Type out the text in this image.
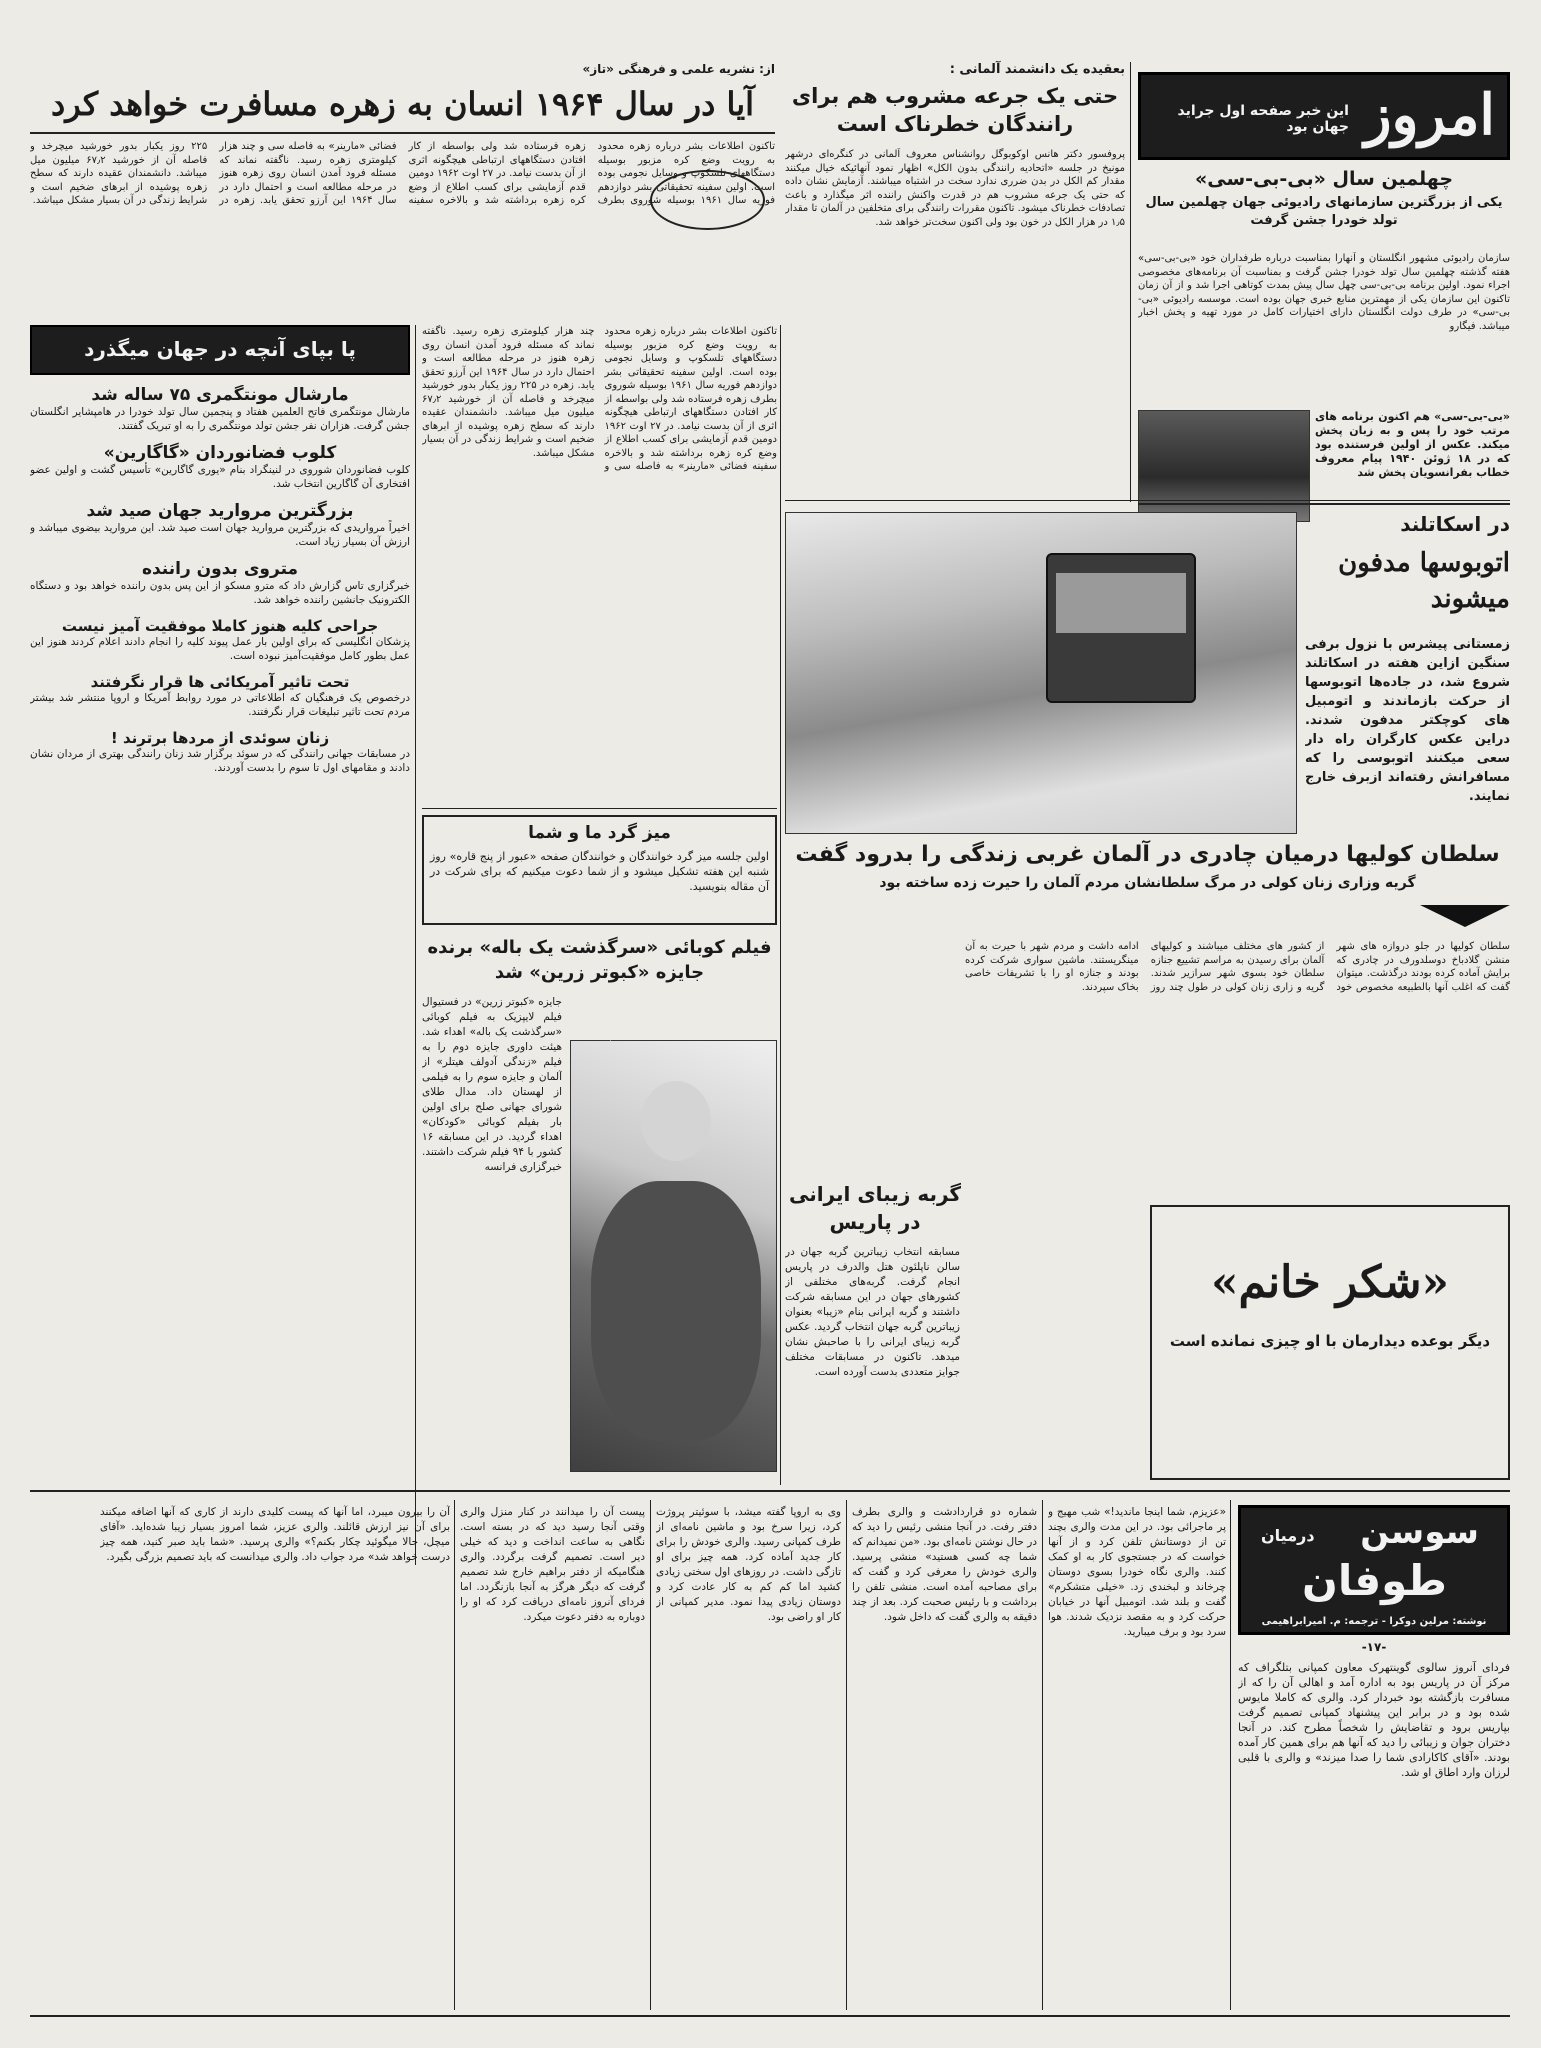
امروز
این خبر صفحه اول جراید جهان بود
چهلمین سال «بی-بی-سی»
یکی از بزرگترین سازمانهای رادیوئی جهان چهلمین سال تولد خودرا جشن گرفت
سازمان رادیوئی مشهور انگلستان و آنهارا بمناسبت درباره طرفداران خود «بی-بی-سی» هفته گذشته چهلمین سال تولد خودرا جشن گرفت و بمناسبت آن برنامه‌های مخصوصی اجراء نمود. اولین برنامه بی-بی-سی چهل سال پیش بمدت کوتاهی اجرا شد و از آن زمان تاکنون این سازمان یکی از مهمترین منابع خبری جهان بوده است. موسسه رادیوئی «بی-بی-سی» در طرف دولت انگلستان دارای اختیارات کامل در مورد تهیه و پخش اخبار میباشد. فیگارو
«بی-بی-سی» هم اکنون برنامه های مرتب خود را پس و به زبان پخش میکند. عکس از اولین فرستنده بود که در ۱۸ ژوئن ۱۹۴۰ پیام معروف خطاب بفرانسویان پخش شد
در اسکاتلند
اتوبوسها مدفون میشوند
زمستانی پیشرس با نزول برفی سنگین ازاین هفته در اسکاتلند شروع شد، در جاده‌ها اتوبوسها از حرکت بازماندند و اتومبیل های کوچکتر مدفون شدند. دراین عکس کارگران راه دار سعی میکنند اتوبوسی را که مسافرانش رفته‌اند ازبرف خارج نمایند.
بعقیده یک دانشمند آلمانی :
حتی یک جرعه مشروب هم برای رانندگان خطرناک است
پروفسور دکتر هانس اوکوبوگل روانشناس معروف آلمانی در کنگره‌ای درشهر مونیخ در جلسه «اتحادیه رانندگی بدون الکل» اظهار نمود آنهائیکه خیال میکنند مقدار کم الکل در بدن ضرری ندارد سخت در اشتباه میباشند. آزمایش نشان داده که حتی یک جرعه مشروب هم در قدرت واکنش راننده اثر میگذارد و باعث تصادفات خطرناک میشود. تاکنون مقررات رانندگی برای متخلفین در آلمان تا مقدار ۱٫۵ در هزار الکل در خون بود ولی اکنون سخت‌تر خواهد شد.
از: نشریه علمی و فرهنگی «تاز»
آیا در سال ۱۹۶۴ انسان به زهره مسافرت خواهد کرد
تاکنون اطلاعات بشر درباره زهره محدود به رویت وضع کره مزبور بوسیله دستگاههای تلسکوپ و وسایل نجومی بوده است. اولین سفینه تحقیقاتی بشر دوازدهم فوریه سال ۱۹۶۱ بوسیله شوروی بطرف زهره فرستاده شد ولی بواسطه از کار افتادن دستگاههای ارتباطی هیچگونه اثری از آن بدست نیامد. در ۲۷ اوت ۱۹۶۲ دومین قدم آزمایشی برای کسب اطلاع از وضع کره زهره برداشته شد و بالاخره سفینه فضائی «مارینر» به فاصله سی و چند هزار کیلومتری زهره رسید. ناگفته نماند که مسئله فرود آمدن انسان روی زهره هنوز در مرحله مطالعه است و احتمال دارد در سال ۱۹۶۴ این آرزو تحقق یابد. زهره در ۲۲۵ روز یکبار بدور خورشید میچرخد و فاصله آن از خورشید ۶۷٫۲ میلیون میل میباشد. دانشمندان عقیده دارند که سطح زهره پوشیده از ابرهای ضخیم است و شرایط زندگی در آن بسیار مشکل میباشد.
پا بپای آنچه در جهان میگذرد
مارشال مونتگمری ۷۵ ساله شد
مارشال مونتگمری فاتح العلمین هفتاد و پنجمین سال تولد خودرا در هامپشایر انگلستان جشن گرفت. هزاران نفر جشن تولد مونتگمری را به او تبریک گفتند.
کلوب فضانوردان «گاگارین»
کلوب فضانوردان شوروی در لنینگراد بنام «یوری گاگارین» تأسیس گشت و اولین عضو افتخاری آن گاگارین انتخاب شد.
بزرگترین مروارید جهان صید شد
اخیراً مرواریدی که بزرگترین مروارید جهان است صید شد. این مروارید بیضوی میباشد و ارزش آن بسیار زیاد است.
متروی بدون راننده
خبرگزاری تاس گزارش داد که مترو مسکو از این پس بدون راننده خواهد بود و دستگاه الکترونیک جانشین راننده خواهد شد.
جراحی کلیه هنوز کاملا موفقیت آمیز نیست
پزشکان انگلیسی که برای اولین بار عمل پیوند کلیه را انجام دادند اعلام کردند هنوز این عمل بطور کامل موفقیت‌آمیز نبوده است.
تحت تاثیر آمریکائی ها قرار نگرفتند
درخصوص یک فرهنگیان که اطلاعاتی در مورد روابط آمریکا و اروپا منتشر شد بیشتر مردم تحت تاثیر تبلیغات قرار نگرفتند.
زنان سوئدی از مردها برترند !
در مسابقات جهانی رانندگی که در سوئد برگزار شد زنان رانندگی بهتری از مردان نشان دادند و مقامهای اول تا سوم را بدست آوردند.
تاکنون اطلاعات بشر درباره زهره محدود به رویت وضع کره مزبور بوسیله دستگاههای تلسکوپ و وسایل نجومی بوده است. اولین سفینه تحقیقاتی بشر دوازدهم فوریه سال ۱۹۶۱ بوسیله شوروی بطرف زهره فرستاده شد ولی بواسطه از کار افتادن دستگاههای ارتباطی هیچگونه اثری از آن بدست نیامد. در ۲۷ اوت ۱۹۶۲ دومین قدم آزمایشی برای کسب اطلاع از وضع کره زهره برداشته شد و بالاخره سفینه فضائی «مارینر» به فاصله سی و چند هزار کیلومتری زهره رسید. ناگفته نماند که مسئله فرود آمدن انسان روی زهره هنوز در مرحله مطالعه است و احتمال دارد در سال ۱۹۶۴ این آرزو تحقق یابد. زهره در ۲۲۵ روز یکبار بدور خورشید میچرخد و فاصله آن از خورشید ۶۷٫۲ میلیون میل میباشد. دانشمندان عقیده دارند که سطح زهره پوشیده از ابرهای ضخیم است و شرایط زندگی در آن بسیار مشکل میباشد.
میز گرد ما و شما
اولین جلسه میز گرد خوانندگان و خوانندگان صفحه «عبور از پنج قاره» روز شنبه این هفته تشکیل میشود و از شما دعوت میکنیم که برای شرکت در آن مقاله بنویسید.
فیلم کوبائی «سرگذشت یک باله» برنده جایزه «کبوتر زرین» شد
جایزه «کبوتر زرین» در فستیوال فیلم لایپزیک به فیلم کوبائی «سرگذشت یک باله» اهداء شد. هیئت داوری جایزه دوم را به فیلم «زندگی آدولف هیتلر» از آلمان و جایزه سوم را به فیلمی از لهستان داد. مدال طلای شورای جهانی صلح برای اولین بار بفیلم کوبائی «کودکان» اهداء گردید. در این مسابقه ۱۶ کشور با ۹۴ فیلم شرکت داشتند. خبرگزاری فرانسه
سلطان کولیها درمیان چادری در آلمان غربی زندگی را بدرود گفت
گریه وزاری زنان کولی در مرگ سلطانشان مردم آلمان را حیرت زده ساخته بود
سلطان کولیها در جلو دروازه های شهر منشن گلادباخ دوسلدورف در چادری که برایش آماده کرده بودند درگذشت. میتوان گفت که اغلب آنها بالطبیعه مخصوص خود از کشور های مختلف میباشند و کولیهای آلمان برای رسیدن به مراسم تشییع جنازه سلطان خود بسوی شهر سرازیر شدند. گریه و زاری زنان کولی در طول چند روز ادامه داشت و مردم شهر با حیرت به آن مینگریستند. ماشین سواری شرکت کرده بودند و جنازه او را با تشریفات خاصی بخاک سپردند.
گربه زیبای ایرانی در پاریس
مسابقه انتخاب زیباترین گربه جهان در سالن ناپلئون هتل والدرف در پاریس انجام گرفت. گربه‌های مختلفی از کشورهای جهان در این مسابقه شرکت داشتند و گربه ایرانی بنام «زیبا» بعنوان زیباترین گربه جهان انتخاب گردید. عکس گربه زیبای ایرانی را با صاحبش نشان میدهد. تاکنون در مسابقات مختلف جوایز متعددی بدست آورده است.
«شکر خانم»
دیگر بوعده دیدارمان با او چیزی نمانده است
سوسن
درمیان
طوفان
نوشته: مرلین دوکرا - ترجمه: م. امیرابراهیمی
-۱۷-
فردای آنروز سالوی گوینتهرک معاون کمپانی بتلگراف که مرکز آن در پاریس بود به اداره آمد و اهالی آن را که از مسافرت بازگشته بود خبردار کرد. والری که کاملا مایوس شده بود و در برابر این پیشنهاد کمپانی تصمیم گرفت بپاریس برود و تقاضایش را شخصاً مطرح کند. در آنجا دختران جوان و زیبائی را دید که آنها هم برای همین کار آمده بودند. «آقای کاکارادی شما را صدا میزند» و والری با قلبی لرزان وارد اطاق او شد.
«عزیزم، شما اینجا ماندید!» شب مهیج و پر ماجرائی بود. در این مدت والری بچند تن از دوستانش تلفن کرد و از آنها خواست که در جستجوی کار به او کمک کنند. والری نگاه خودرا بسوی دوستان چرخاند و لبخندی زد. «خیلی متشکرم» گفت و بلند شد. اتومبیل آنها در خیابان حرکت کرد و به مقصد نزدیک شدند. هوا سرد بود و برف میبارید.
شماره دو قراردادشت و والری بطرف دفتر رفت. در آنجا منشی رئیس را دید که در حال نوشتن نامه‌ای بود. «من نمیدانم که شما چه کسی هستید» منشی پرسید. والری خودش را معرفی کرد و گفت که برای مصاحبه آمده است. منشی تلفن را برداشت و با رئیس صحبت کرد. بعد از چند دقیقه به والری گفت که داخل شود.
وی به اروپا گفته میشد، با سوئیتر پروژت کرد، زیرا سرخ بود و ماشین نامه‌ای از طرف کمپانی رسید. والری خودش را برای کار جدید آماده کرد. همه چیز برای او تازگی داشت. در روزهای اول سختی زیادی کشید اما کم کم به کار عادت کرد و دوستان زیادی پیدا نمود. مدیر کمپانی از کار او راضی بود.
پیست آن را میدانند در کنار منزل والری وقتی آنجا رسید دید که در بسته است. نگاهی به ساعت انداخت و دید که خیلی دیر است. تصمیم گرفت برگردد. والری هنگامیکه از دفتر براهیم خارج شد تصمیم گرفت که دیگر هرگز به آنجا بازنگردد. اما فردای آنروز نامه‌ای دریافت کرد که او را دوباره به دفتر دعوت میکرد.
آن را بیرون میبرد، اما آنها که پیست کلیدی دارند از کاری که آنها اضافه میکنند برای آن نیز ارزش قائلند. والری عزیز، شما امروز بسیار زیبا شده‌اید. «آقای میچل، حالا میگوئید چکار بکنم؟» والری پرسید. «شما باید صبر کنید، همه چیز درست خواهد شد» مرد جواب داد. والری میدانست که باید تصمیم بزرگی بگیرد.
